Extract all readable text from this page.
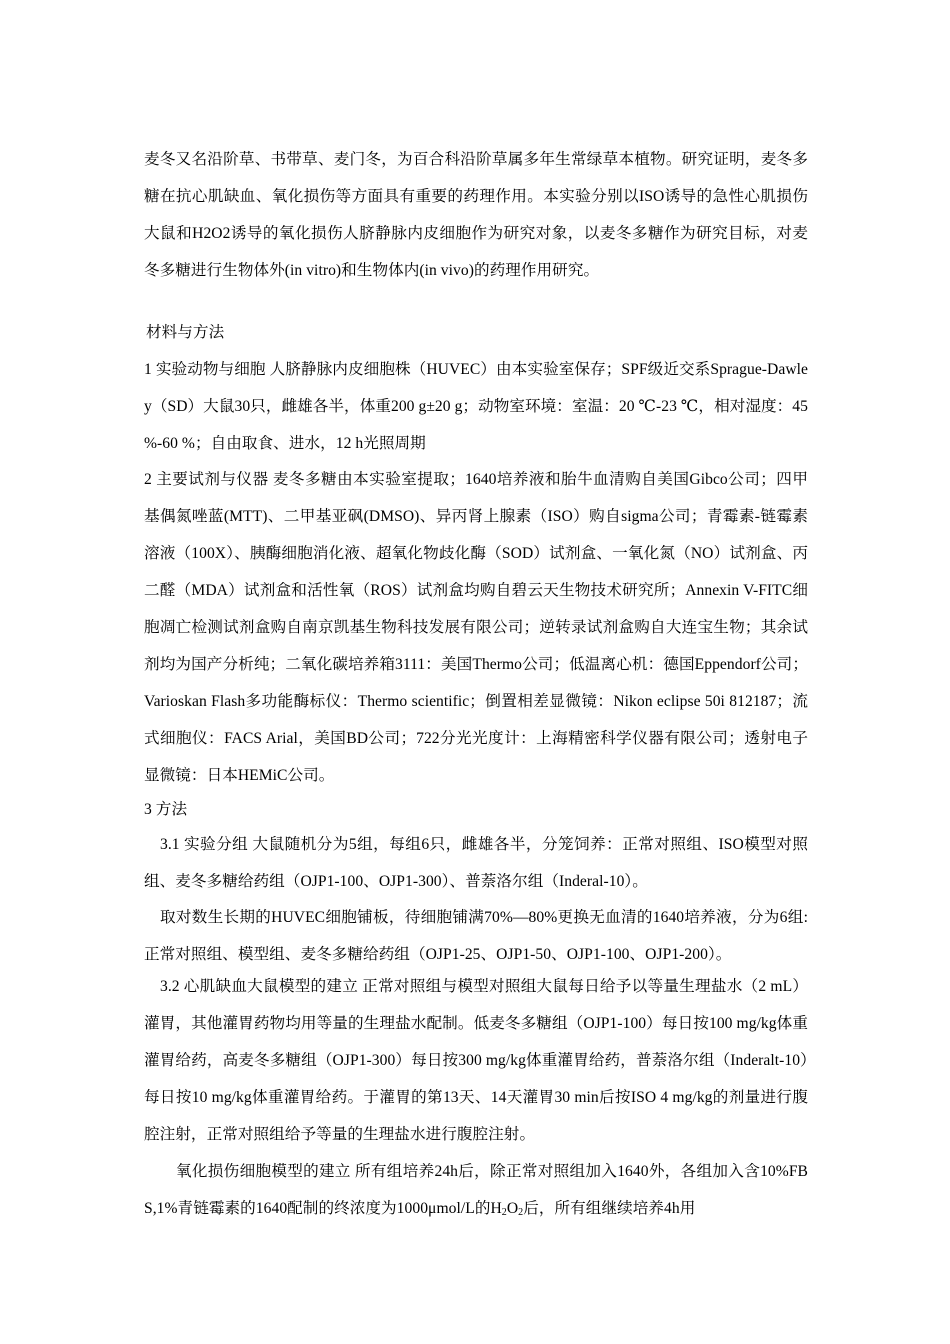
麦冬又名沿阶草、书带草、麦门冬，为百合科沿阶草属多年生常绿草本植物。研究证明，麦冬多糖在抗心肌缺血、氧化损伤等方面具有重要的药理作用。本实验分别以ISO诱导的急性心肌损伤大鼠和H2O2诱导的氧化损伤人脐静脉内皮细胞作为研究对象，以麦冬多糖作为研究目标，对麦冬多糖进行生物体外(in vitro)和生物体内(in vivo)的药理作用研究。

材料与方法

1 实验动物与细胞 人脐静脉内皮细胞株（HUVEC）由本实验室保存；SPF级近交系Sprague-Dawley（SD）大鼠30只，雌雄各半，体重200 g±20 g；动物室环境：室温：20 ℃-23 ℃，相对湿度：45 %-60 %；自由取食、进水，12 h光照周期

2 主要试剂与仪器 麦冬多糖由本实验室提取；1640培养液和胎牛血清购自美国Gibco公司；四甲基偶氮唑蓝(MTT)、二甲基亚砜(DMSO)、异丙肾上腺素（ISO）购自sigma公司；青霉素-链霉素溶液（100X）、胰酶细胞消化液、超氧化物歧化酶（SOD）试剂盒、一氧化氮（NO）试剂盒、丙二醛（MDA）试剂盒和活性氧（ROS）试剂盒均购自碧云天生物技术研究所；Annexin V-FITC细胞凋亡检测试剂盒购自南京凯基生物科技发展有限公司；逆转录试剂盒购自大连宝生物；其余试剂均为国产分析纯；二氧化碳培养箱3111：美国Thermo公司；低温离心机：德国Eppendorf公司；Varioskan Flash多功能酶标仪：Thermo scientific；倒置相差显微镜：Nikon eclipse 50i 812187；流式细胞仪：FACS Arial，美国BD公司；722分光光度计：上海精密科学仪器有限公司；透射电子显微镜：日本HEMiC公司。

3 方法

3.1 实验分组 大鼠随机分为5组，每组6只，雌雄各半，分笼饲养：正常对照组、ISO模型对照组、麦冬多糖给药组（OJP1-100、OJP1-300）、普萘洛尔组（Inderal-10）。

取对数生长期的HUVEC细胞铺板，待细胞铺满70%—80%更换无血清的1640培养液，分为6组:正常对照组、模型组、麦冬多糖给药组（OJP1-25、OJP1-50、OJP1-100、OJP1-200）。

3.2 心肌缺血大鼠模型的建立 正常对照组与模型对照组大鼠每日给予以等量生理盐水（2 mL）灌胃，其他灌胃药物均用等量的生理盐水配制。低麦冬多糖组（OJP1-100）每日按100 mg/kg体重灌胃给药，高麦冬多糖组（OJP1-300）每日按300 mg/kg体重灌胃给药，普萘洛尔组（Inderalt-10）每日按10 mg/kg体重灌胃给药。于灌胃的第13天、14天灌胃30 min后按ISO 4 mg/kg的剂量进行腹腔注射，正常对照组给予等量的生理盐水进行腹腔注射。

氧化损伤细胞模型的建立 所有组培养24h后，除正常对照组加入1640外，各组加入含10%FBS,1%青链霉素的1640配制的终浓度为1000μmol/L的$H_2O_2$后，所有组继续培养4h用
